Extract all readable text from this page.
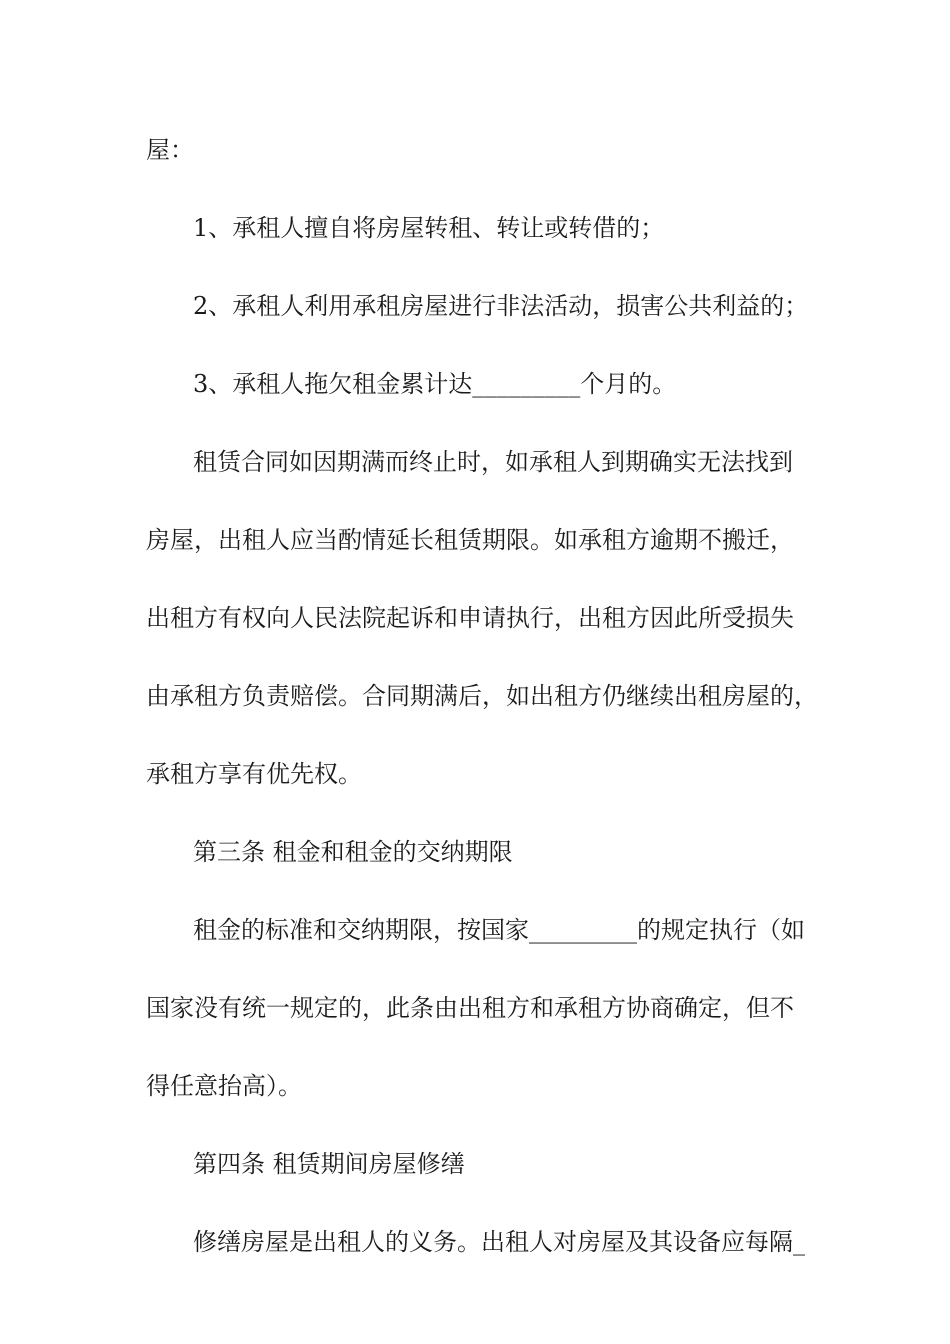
屋：
1、承租人擅自将房屋转租、转让或转借的；
2、承租人利用承租房屋进行非法活动，损害公共利益的；
3、承租人拖欠租金累计达_________个月的。
租赁合同如因期满而终止时，如承租人到期确实无法找到
房屋，出租人应当酌情延长租赁期限。如承租方逾期不搬迁，
出租方有权向人民法院起诉和申请执行，出租方因此所受损失
由承租方负责赔偿。合同期满后，如出租方仍继续出租房屋的，
承租方享有优先权。
第三条 租金和租金的交纳期限
租金的标准和交纳期限，按国家_________的规定执行（如
国家没有统一规定的，此条由出租方和承租方协商确定，但不
得任意抬高）。
第四条 租赁期间房屋修缮
修缮房屋是出租人的义务。出租人对房屋及其设备应每隔_
